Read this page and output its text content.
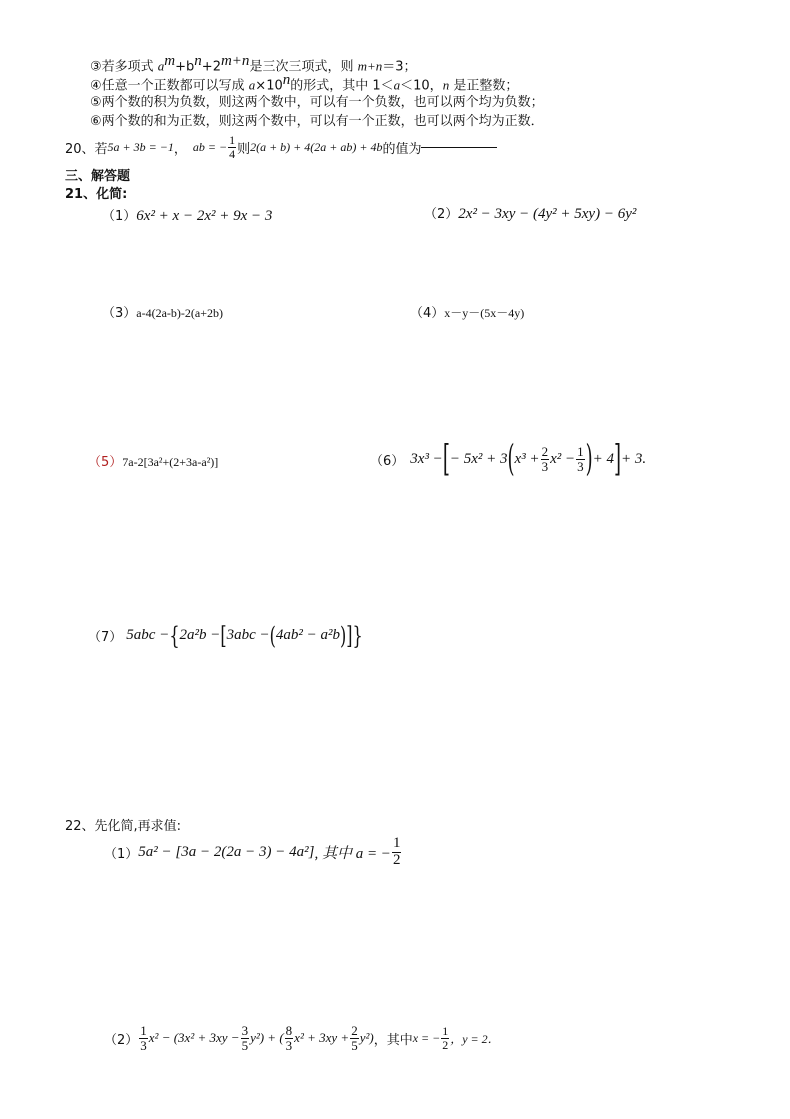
③若多项式 $a^m+b^n+2^{m+n}$是三次三项式，则 m+n＝3；
④任意一个正数都可以写成 $a\times 10^n$的形式，其中 1＜a＜10，n 是正整数；
⑤两个数的积为负数，则这两个数中，可以有一个负数，也可以两个均为负数；
⑥两个数的和为正数，则这两个数中，可以有一个正数，也可以两个均为正数．
20、若 5a + 3b = −1 ， ab = − $\frac{1}{4}$ 则 2(a + b) + 4(2a + ab) + 4b 的值为
三、解答题
21、化简:
（1）6x² + x − 2x² + 9x − 3	（2）2x² − 3xy − (4y² + 5xy) − 6y²
（3）a-4(2a-b)-2(a+2b)	（4）x－y－(5x－4y)
（5）7a-2[3a²+(2+3a-a²)]	（6） 3x³ − [ − 5x² + 3 ( $x^3 + \frac{2}{3} x^2 - \frac{1}{3}$ ) + 4 ] + 3.
（7） 5abc − { 2a²b − [ 3abc − ( 4ab² − a²b ) ] }
22、先化简,再求值:
（1） 5a² − [3a − 2(2a − 3) − 4a²] , 其中 a = − $\frac{1}{2}$
$(2) \frac{1}{3} x^2 - (3x^2 + 3xy - \frac{3}{5} y^2)$ + ( $\frac{8}{3} x^2 + 3xy + \frac{2}{5} y^2$) ，其中 x = − $\frac{1}{2}$ ，y = 2．
